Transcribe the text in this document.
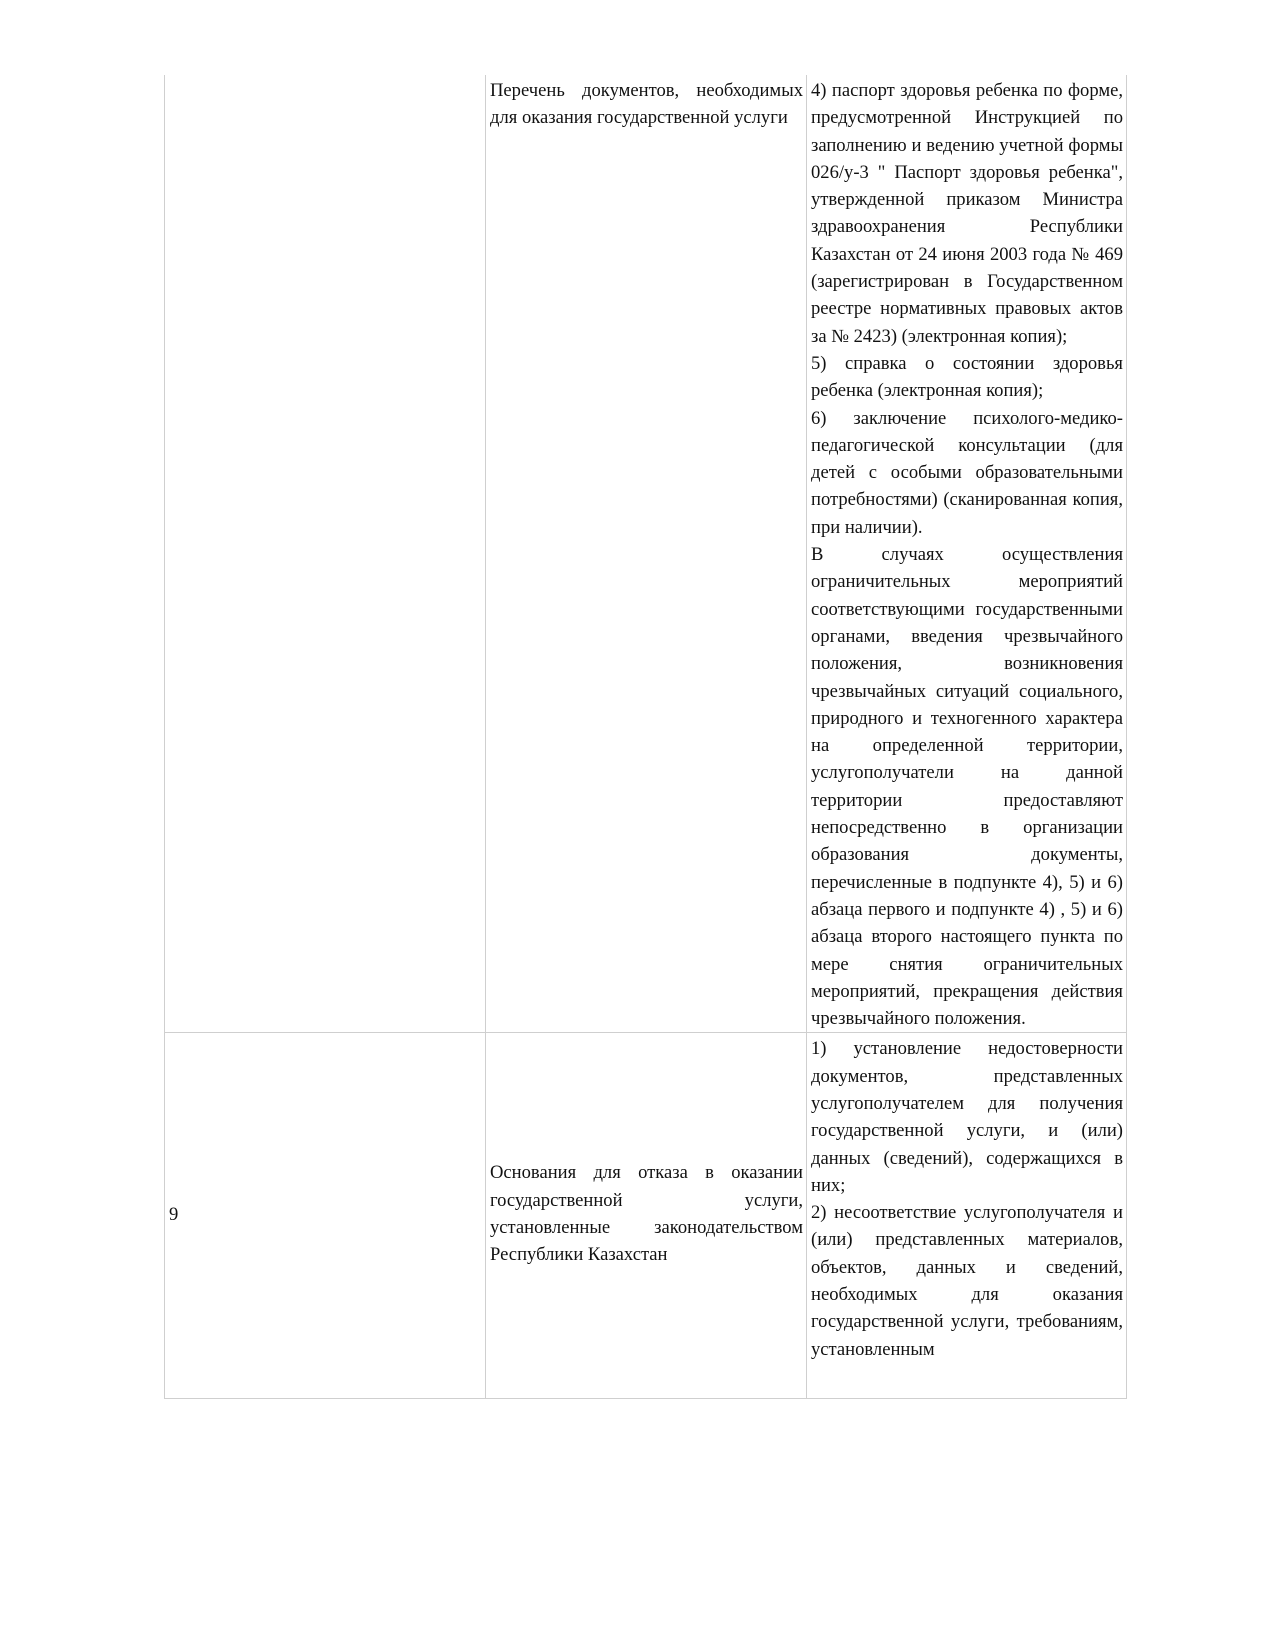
	Перечень документов, необходимых для оказания государственной услуги	4) паспорт здоровья ребенка по форме, предусмотренной Инструкцией по заполнению и ведению учетной формы 026/у-3 " Паспорт здоровья ребенка", утвержденной приказом Министра здравоохранения Республики Казахстан от 24 июня 2003 года № 469 (зарегистрирован в Государственном реестре нормативных правовых актов за № 2423) (электронная копия);

5) справка о состоянии здоровья ребенка (электронная копия);

6) заключение психолого-медико-педагогической консультации (для детей с особыми образовательными потребностями) (сканированная копия, при наличии).

В случаях осуществления ограничительных мероприятий соответствующими государственными органами, введения чрезвычайного положения, возникновения чрезвычайных ситуаций социального, природного и техногенного характера на определенной территории, услугополучатели на данной территории предоставляют непосредственно в организации образования документы, перечисленные в подпункте 4), 5) и 6) абзаца первого и подпункте 4) , 5) и 6) абзаца второго настоящего пункта по мере снятия ограничительных мероприятий, прекращения действия чрезвычайного положения.

9	Основания для отказа в оказании государственной услуги, установленные законодательством Республики Казахстан	1) установление недостоверности документов, представленных услугополучателем для получения государственной услуги, и (или) данных (сведений), содержащихся в них;

2) несоответствие услугополучателя и (или) представленных материалов, объектов, данных и сведений, необходимых для оказания государственной услуги, требованиям, установленным
